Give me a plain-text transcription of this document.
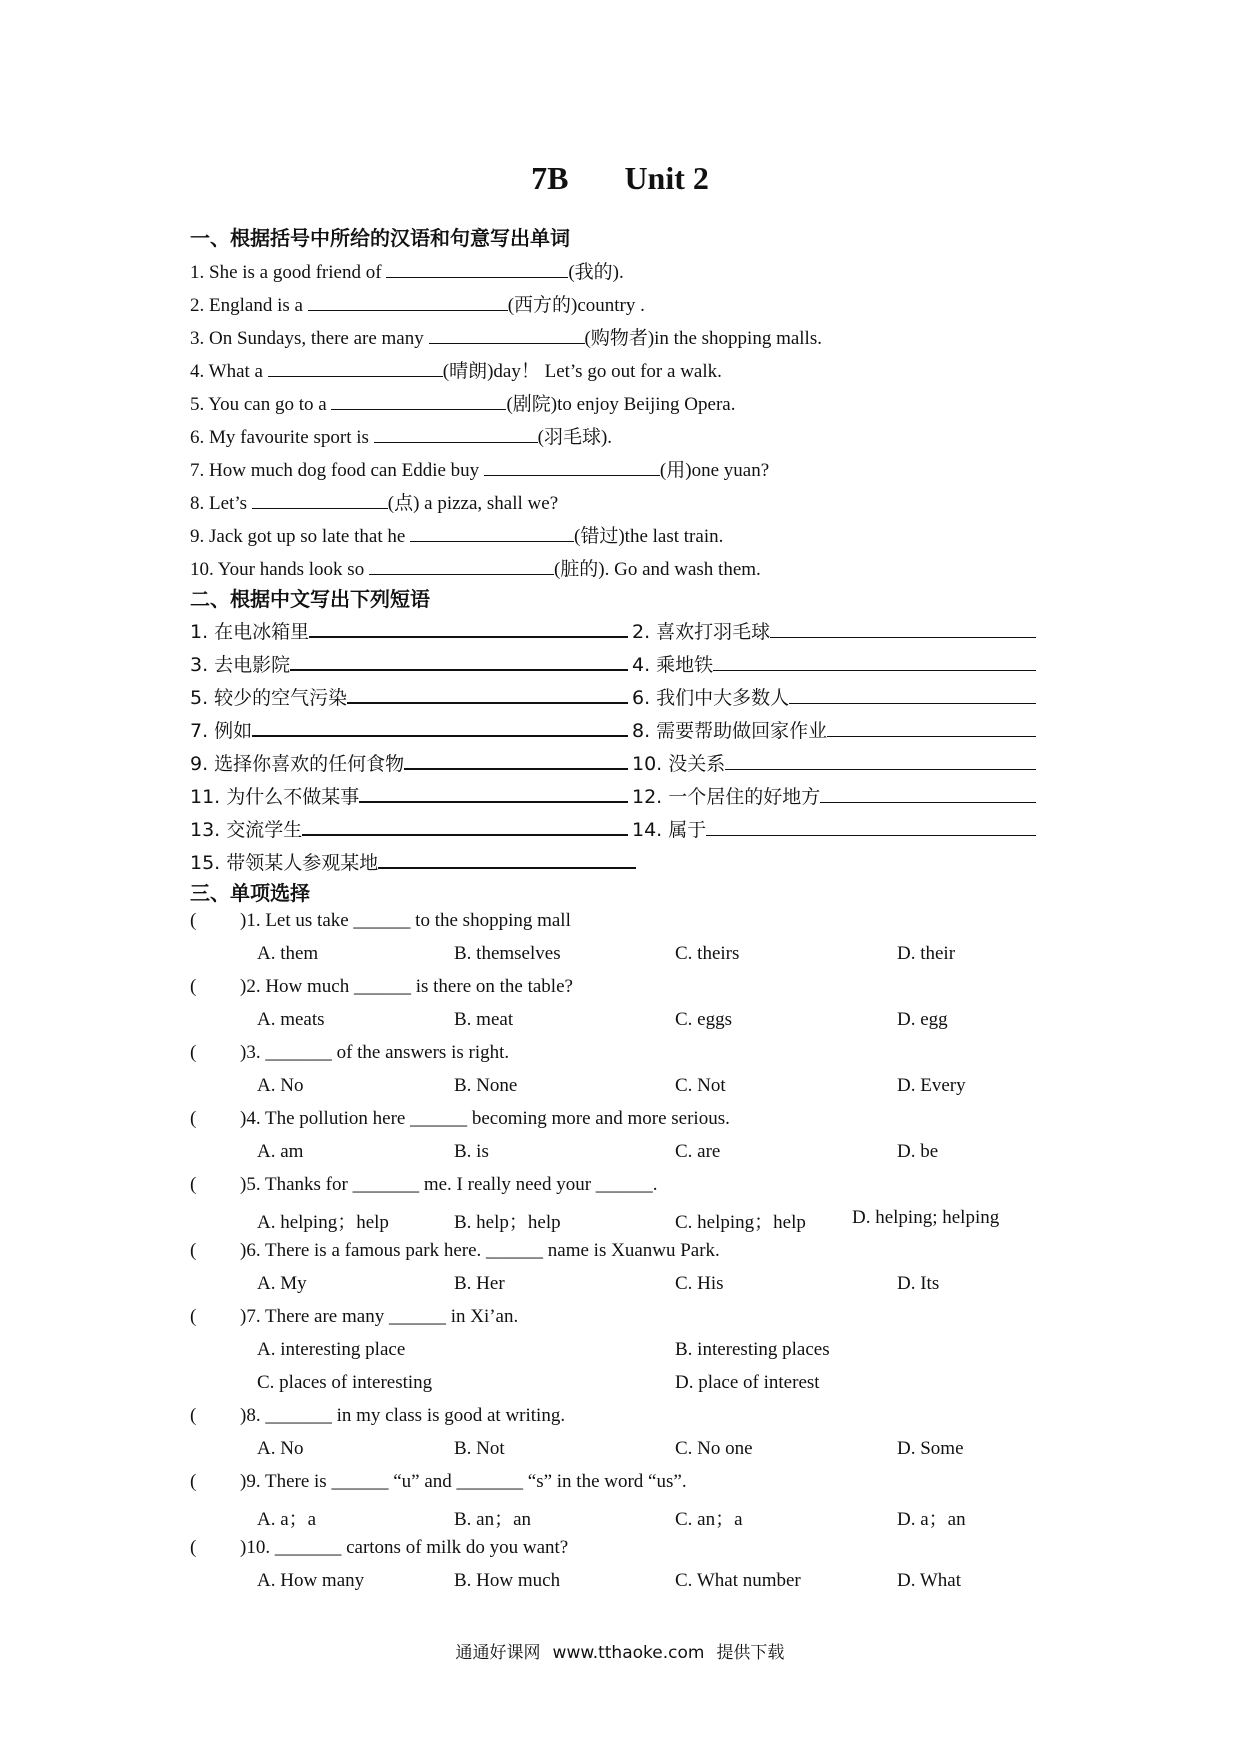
7B Unit 2
一、根据括号中所给的汉语和句意写出单词
1. She is a good friend of	(我的).
2. England is a	(西方的)country .
3. On Sundays, there are many	(购物者)in the shopping malls.
4. What a	(晴朗)day！ Let’s go out for a walk.
5. You can go to a	(剧院)to enjoy Beijing Opera.
6. My favourite sport is	(羽毛球).
7. How much dog food can Eddie buy	(用)one yuan?
8. Let’s	(点) a pizza, shall we?
9. Jack got up so late that he	(错过)the last train.
10. Your hands look so	(脏的). Go and wash them.
二、根据中文写出下列短语
1. 在电冰箱里	2. 喜欢打羽毛球
3. 去电影院	4. 乘地铁
5. 较少的空气污染	6. 我们中大多数人
7. 例如	8. 需要帮助做回家作业
9. 选择你喜欢的任何食物	10. 没关系
11. 为什么不做某事	12. 一个居住的好地方
13. 交流学生	14. 属于
15. 带领某人参观某地
三、单项选择
( )1. Let us take ______ to the shopping mall
A. them	B. themselves	C. theirs	D. their
( )2. How much ______ is there on the table?
A. meats	B. meat	C. eggs	D. egg
( )3. _______ of the answers is right.
A. No	B. None	C. Not	D. Every
( )4. The pollution here ______ becoming more and more serious.
A. am	B. is	C. are	D. be
( )5. Thanks for _______ me. I really need your ______.
A. helping；help	B. help；help	C. helping；help D. helping; helping
( )6. There is a famous park here. ______ name is Xuanwu Park.
A. My	B. Her	C. His	D. Its
( )7. There are many ______ in Xi’an.
A. interesting place	B. interesting places
C. places of interesting	D. place of interest
( )8. _______ in my class is good at writing.
A. No	B. Not	C. No one	D. Some
( )9. There is ______ “u” and _______ “s” in the word “us”.
A. a；a	B. an；an	C. an；a	D. a；an
( )10. _______ cartons of milk do you want?
A. How many	B. How much	C. What number	D. What
通通好课网 www.tthaoke.com 提供下载
